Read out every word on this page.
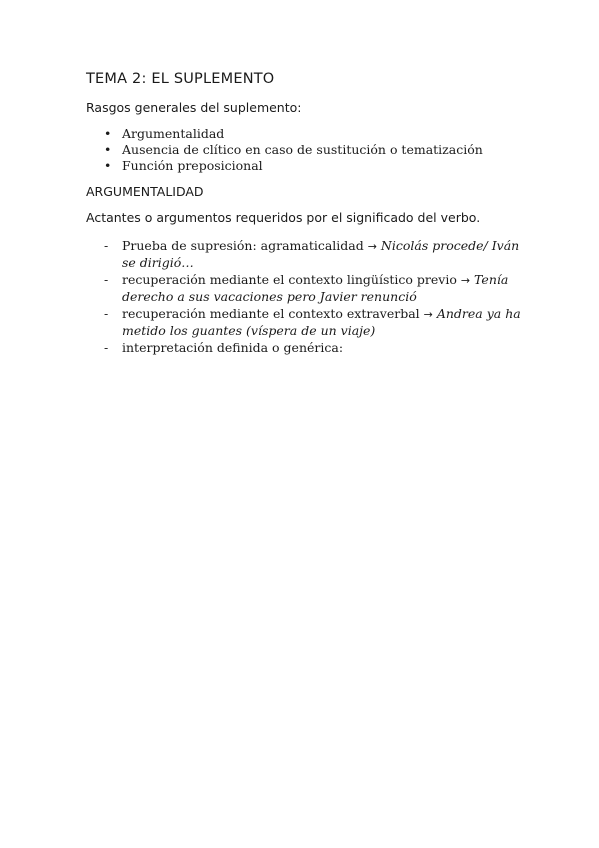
TEMA 2: EL SUPLEMENTO
Rasgos generales del suplemento:
• Argumentalidad
• Ausencia de clítico en caso de sustitución o tematización
• Función preposicional
ARGUMENTALIDAD
Actantes o argumentos requeridos por el significado del verbo.
- Prueba de supresión: agramaticalidad → Nicolás procede/ Iván se dirigió…
- recuperación mediante el contexto lingüístico previo → Tenía derecho a sus vacaciones pero Javier renunció
- recuperación mediante el contexto extraverbal → Andrea ya ha metido los guantes (víspera de un viaje)
- interpretación definida o genérica:
